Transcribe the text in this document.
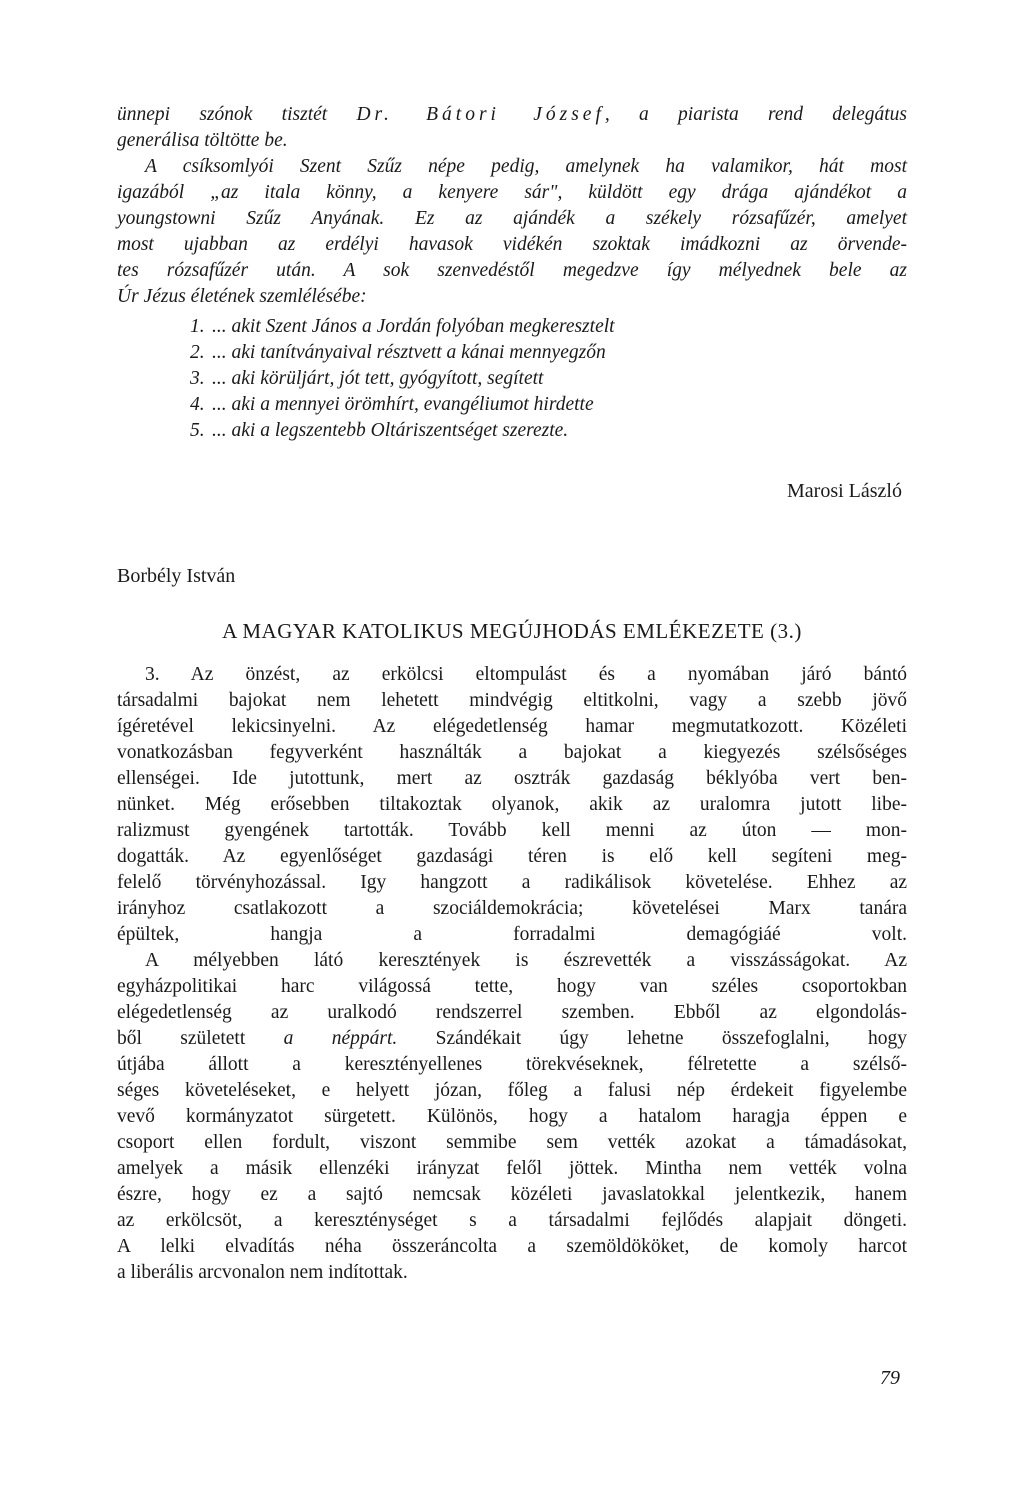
ünnepi szónok tisztét Dr. Bátori József, a piarista rend delegátus
generálisa töltötte be.
A csíksomlyói Szent Szűz népe pedig, amelynek ha valamikor, hát most
igazából „az itala könny, a kenyere sár", küldött egy drága ajándékot a
youngstowni Szűz Anyának. Ez az ajándék a székely rózsafűzér, amelyet
most ujabban az erdélyi havasok vidékén szoktak imádkozni az örvende-
tes rózsafűzér után. A sok szenvedéstől megedzve így mélyednek bele az
Úr Jézus életének szemlélésébe:
1. ... akit Szent János a Jordán folyóban megkeresztelt
2. ... aki tanítványaival résztvett a kánai mennyegzőn
3. ... aki körüljárt, jót tett, gyógyított, segített
4. ... aki a mennyei örömhírt, evangéliumot hirdette
5. ... aki a legszentebb Oltáriszentséget szerezte.
Marosi László
Borbély István
A MAGYAR KATOLIKUS MEGÚJHODÁS EMLÉKEZETE (3.)
3. Az önzést, az erkölcsi eltompulást és a nyomában járó bántó
társadalmi bajokat nem lehetett mindvégig eltitkolni, vagy a szebb jövő
ígéretével lekicsinyelni. Az elégedetlenség hamar megmutatkozott. Közéleti
vonatkozásban fegyverként használták a bajokat a kiegyezés szélsőséges
ellenségei. Ide jutottunk, mert az osztrák gazdaság béklyóba vert ben-
nünket. Még erősebben tiltakoztak olyanok, akik az uralomra jutott libe-
ralizmust gyengének tartották. Tovább kell menni az úton — mon-
dogatták. Az egyenlőséget gazdasági téren is elő kell segíteni meg-
felelő törvényhozással. Igy hangzott a radikálisok követelése. Ehhez az
irányhoz csatlakozott a szociáldemokrácia; követelései Marx tanára
épültek, hangja a forradalmi demagógiáé volt.
A mélyebben látó keresztények is észrevették a visszásságokat. Az
egyházpolitikai harc világossá tette, hogy van széles csoportokban
elégedetlenség az uralkodó rendszerrel szemben. Ebből az elgondolás-
ből született a néppárt. Szándékait úgy lehetne összefoglalni, hogy
útjába állott a keresztényellenes törekvéseknek, félretette a szélső-
séges követeléseket, e helyett józan, főleg a falusi nép érdekeit figyelembe
vevő kormányzatot sürgetett. Különös, hogy a hatalom haragja éppen e
csoport ellen fordult, viszont semmibe sem vették azokat a támadásokat,
amelyek a másik ellenzéki irányzat felől jöttek. Mintha nem vették volna
észre, hogy ez a sajtó nemcsak közéleti javaslatokkal jelentkezik, hanem
az erkölcsöt, a kereszténységet s a társadalmi fejlődés alapjait döngeti.
A lelki elvadítás néha összeráncolta a szemöldököket, de komoly harcot
a liberális arcvonalon nem indítottak.
79
